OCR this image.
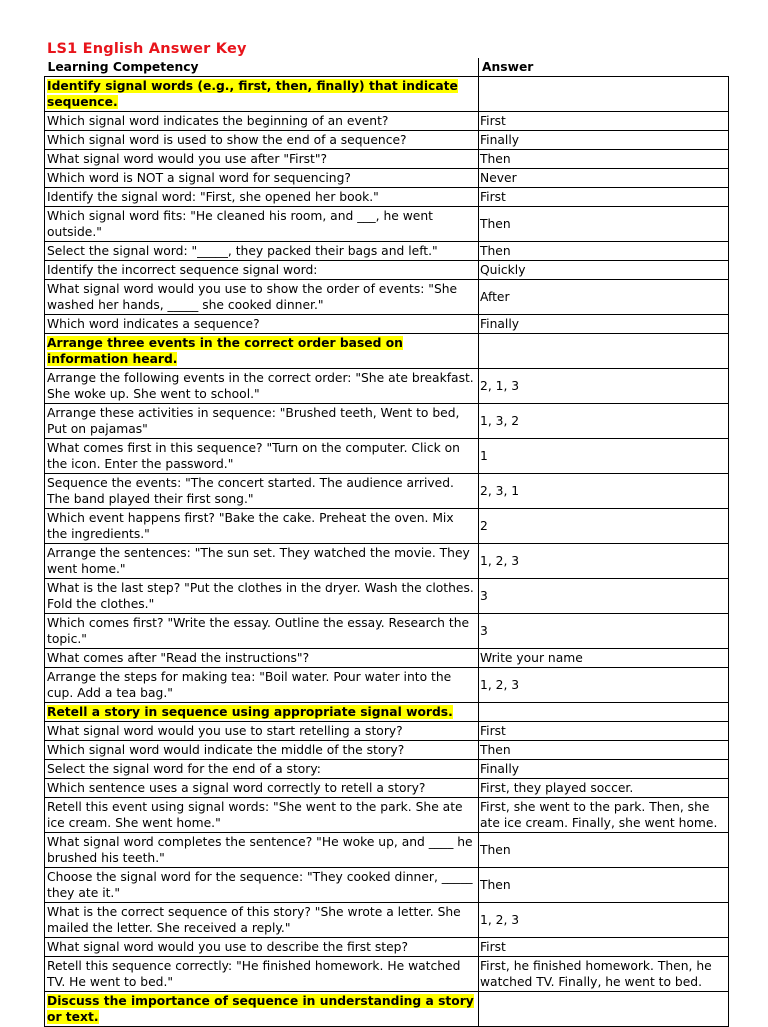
LS1 English Answer Key
Learning Competency	Answer
Identify signal words (e.g., first, then, finally) that indicate sequence.	
Which signal word indicates the beginning of an event?	First
Which signal word is used to show the end of a sequence?	Finally
What signal word would you use after "First"?	Then
Which word is NOT a signal word for sequencing?	Never
Identify the signal word: "First, she opened her book."	First
Which signal word fits: "He cleaned his room, and ___, he went outside."	Then
Select the signal word: "_____, they packed their bags and left."	Then
Identify the incorrect sequence signal word:	Quickly
What signal word would you use to show the order of events: "She washed her hands, _____ she cooked dinner."	After
Which word indicates a sequence?	Finally
Arrange three events in the correct order based on information heard.	
Arrange the following events in the correct order: "She ate breakfast. She woke up. She went to school."	2, 1, 3
Arrange these activities in sequence: "Brushed teeth, Went to bed, Put on pajamas"	1, 3, 2
What comes first in this sequence? "Turn on the computer. Click on the icon. Enter the password."	1
Sequence the events: "The concert started. The audience arrived. The band played their first song."	2, 3, 1
Which event happens first? "Bake the cake. Preheat the oven. Mix the ingredients."	2
Arrange the sentences: "The sun set. They watched the movie. They went home."	1, 2, 3
What is the last step? "Put the clothes in the dryer. Wash the clothes. Fold the clothes."	3
Which comes first? "Write the essay. Outline the essay. Research the topic."	3
What comes after "Read the instructions"?	Write your name
Arrange the steps for making tea: "Boil water. Pour water into the cup. Add a tea bag."	1, 2, 3
Retell a story in sequence using appropriate signal words.	
What signal word would you use to start retelling a story?	First
Which signal word would indicate the middle of the story?	Then
Select the signal word for the end of a story:	Finally
Which sentence uses a signal word correctly to retell a story?	First, they played soccer.
Retell this event using signal words: "She went to the park. She ate ice cream. She went home."	First, she went to the park. Then, she ate ice cream. Finally, she went home.
What signal word completes the sentence? "He woke up, and ____ he brushed his teeth."	Then
Choose the signal word for the sequence: "They cooked dinner, _____ they ate it."	Then
What is the correct sequence of this story? "She wrote a letter. She mailed the letter. She received a reply."	1, 2, 3
What signal word would you use to describe the first step?	First
Retell this sequence correctly: "He finished homework. He watched TV. He went to bed."	First, he finished homework. Then, he watched TV. Finally, he went to bed.
Discuss the importance of sequence in understanding a story or text.	
